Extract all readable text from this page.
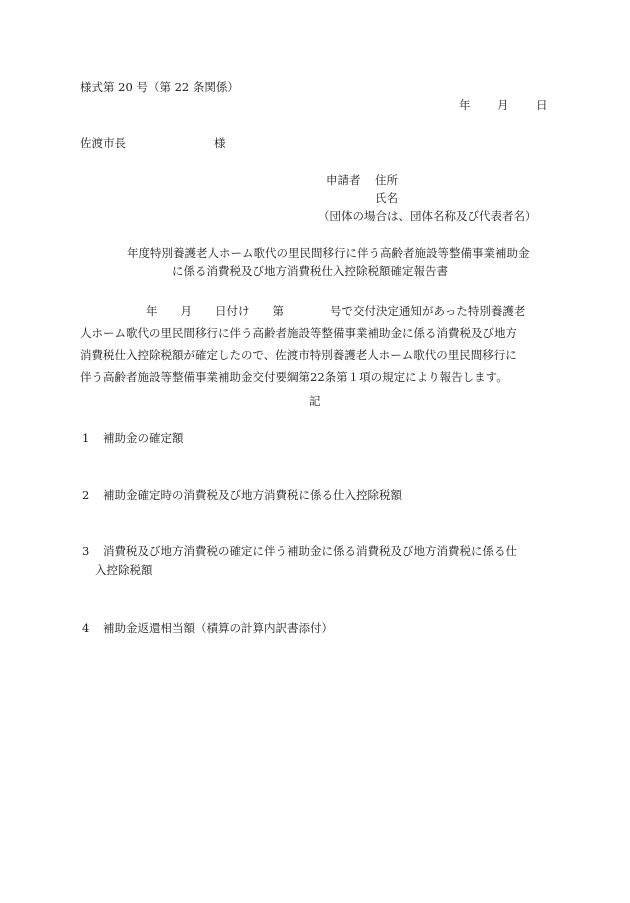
様式第 20 号（第 22 条関係）
年 月 日
佐渡市長	様
申請者 住所
氏名
（団体の場合は、団体名称及び代表者名）
年度特別養護老人ホーム歌代の里民間移行に伴う高齢者施設等整備事業補助金
に係る消費税及び地方消費税仕入控除税額確定報告書
年　　月　　日付け　　第　　　　号で交付決定通知があった特別養護老
人ホーム歌代の里民間移行に伴う高齢者施設等整備事業補助金に係る消費税及び地方
消費税仕入控除税額が確定したので、佐渡市特別養護老人ホーム歌代の里民間移行に
伴う高齢者施設等整備事業補助金交付要綱第22条第１項の規定により報告します。
記
1 補助金の確定額
2 補助金確定時の消費税及び地方消費税に係る仕入控除税額
3 消費税及び地方消費税の確定に伴う補助金に係る消費税及び地方消費税に係る仕
入控除税額
4 補助金返還相当額（積算の計算内訳書添付）
